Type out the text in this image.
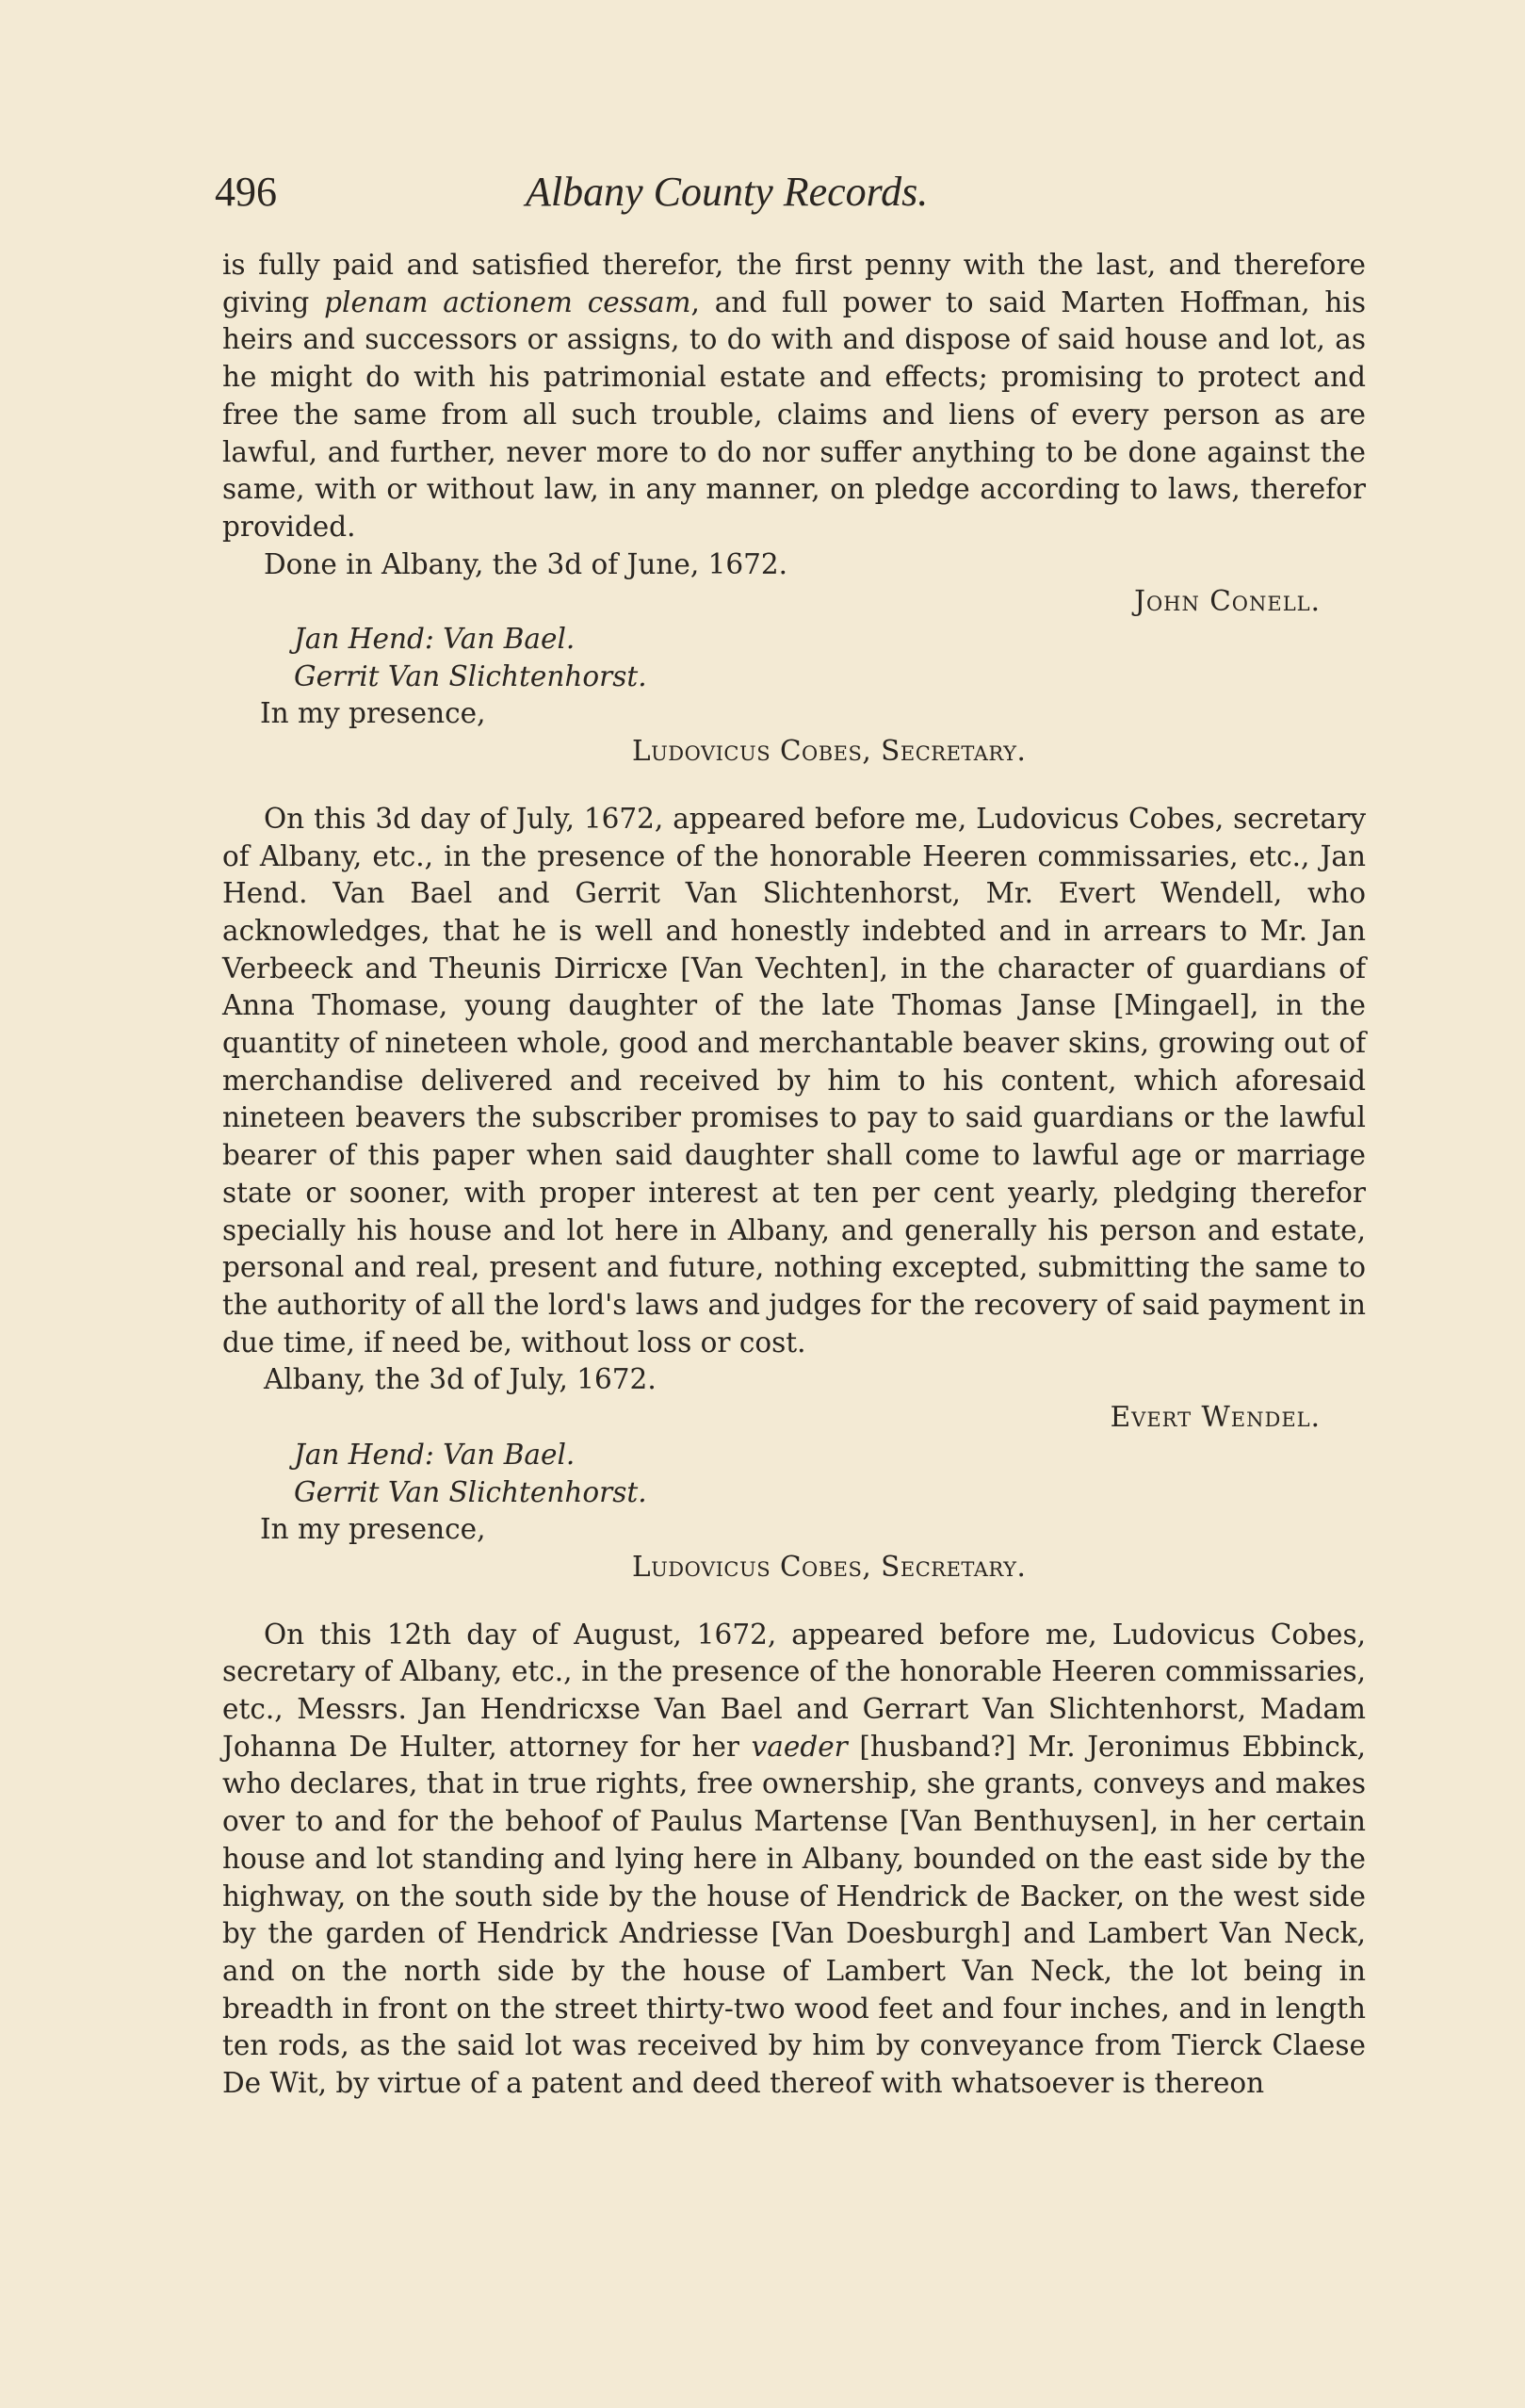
496	Albany County Records.

is fully paid and satisfied therefor, the first penny with the last, and therefore giving plenam actionem cessam, and full power to said Marten Hoffman, his heirs and successors or assigns, to do with and dispose of said house and lot, as he might do with his patrimonial estate and effects; promising to protect and free the same from all such trouble, claims and liens of every person as are lawful, and further, never more to do nor suffer anything to be done against the same, with or without law, in any manner, on pledge according to laws, therefor provided.

Done in Albany, the 3d of June, 1672.

John Conell.

Jan Hend: Van Bael.

Gerrit Van Slichtenhorst.

In my presence,

Ludovicus Cobes, Secretary.

On this 3d day of July, 1672, appeared before me, Ludovicus Cobes, secretary of Albany, etc., in the presence of the honorable Heeren commissaries, etc., Jan Hend. Van Bael and Gerrit Van Slichtenhorst, Mr. Evert Wendell, who acknowledges, that he is well and honestly indebted and in arrears to Mr. Jan Verbeeck and Theunis Dirricxe [Van Vechten], in the character of guardians of Anna Thomase, young daughter of the late Thomas Janse [Mingael], in the quantity of nineteen whole, good and merchantable beaver skins, growing out of merchandise delivered and received by him to his content, which aforesaid nineteen beavers the subscriber promises to pay to said guardians or the lawful bearer of this paper when said daughter shall come to lawful age or marriage state or sooner, with proper interest at ten per cent yearly, pledging therefor specially his house and lot here in Albany, and generally his person and estate, personal and real, present and future, nothing excepted, submitting the same to the authority of all the lord's laws and judges for the recovery of said payment in due time, if need be, without loss or cost.

Albany, the 3d of July, 1672.

Evert Wendel.

Jan Hend: Van Bael.

Gerrit Van Slichtenhorst.

In my presence,

Ludovicus Cobes, Secretary.

On this 12th day of August, 1672, appeared before me, Ludovicus Cobes, secretary of Albany, etc., in the presence of the honorable Heeren commissaries, etc., Messrs. Jan Hendricxse Van Bael and Gerrart Van Slichtenhorst, Madam Johanna De Hulter, attorney for her vaeder [husband?] Mr. Jeronimus Ebbinck, who declares, that in true rights, free ownership, she grants, conveys and makes over to and for the behoof of Paulus Martense [Van Benthuysen], in her certain house and lot standing and lying here in Albany, bounded on the east side by the highway, on the south side by the house of Hendrick de Backer, on the west side by the garden of Hendrick Andriesse [Van Doesburgh] and Lambert Van Neck, and on the north side by the house of Lambert Van Neck, the lot being in breadth in front on the street thirty-two wood feet and four inches, and in length ten rods, as the said lot was received by him by conveyance from Tierck Claese De Wit, by virtue of a patent and deed thereof with whatsoever is thereon
